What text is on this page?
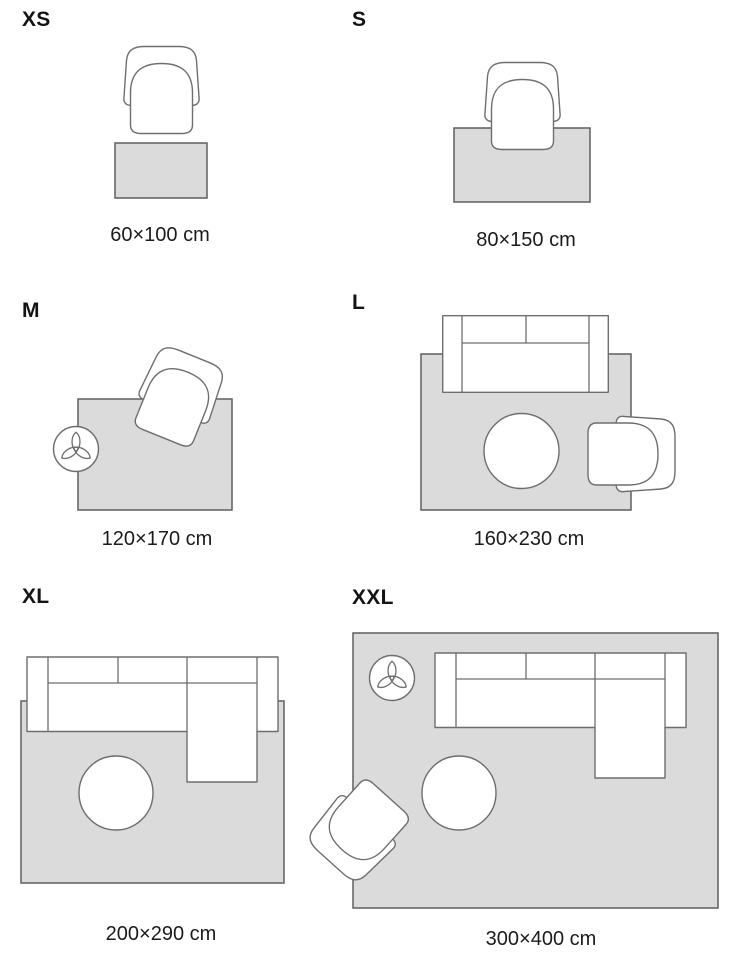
XS	S
M	L
XL	XXL
60×100 cm	80×150 cm
120×170 cm	160×230 cm
200×290 cm	300×400 cm
